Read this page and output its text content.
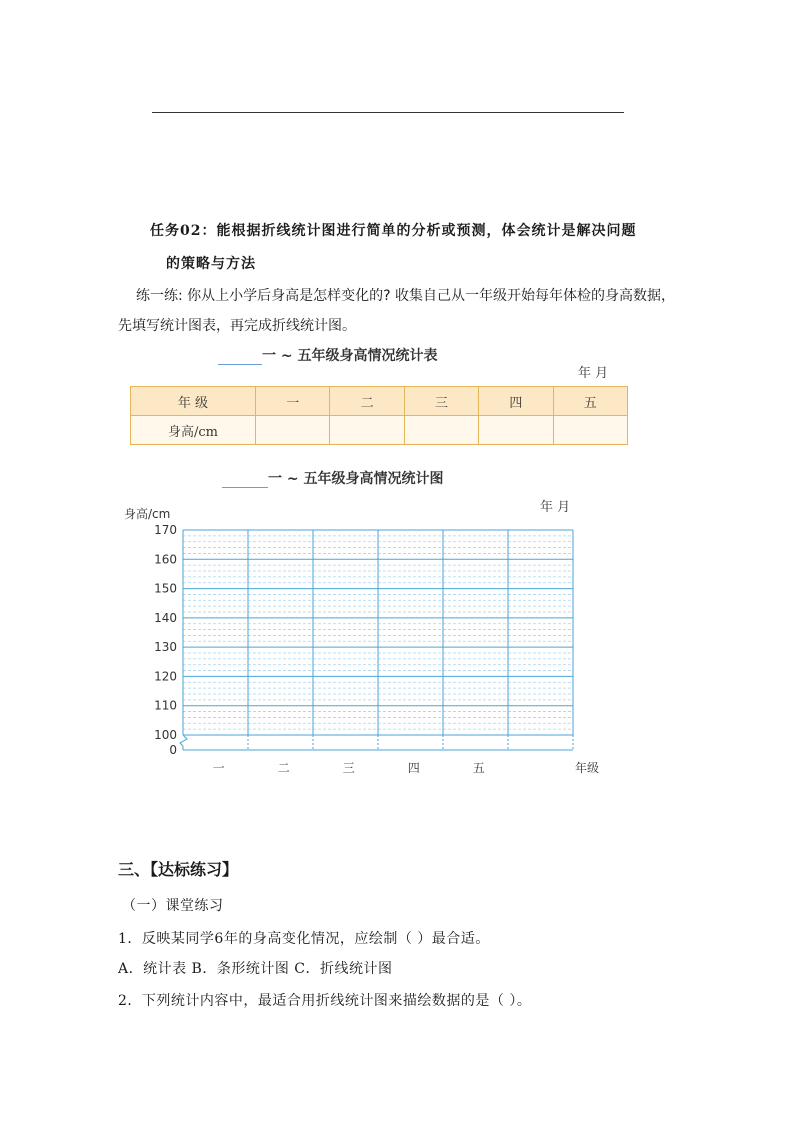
任务02：能根据折线统计图进行简单的分析或预测，体会统计是解决问题
的策略与方法
练一练: 你从上小学后身高是怎样变化的? 收集自己从一年级开始每年体检的身高数据，
先填写统计图表，再完成折线统计图。
一 ~ 五年级身高情况统计表
年 月
年 级	一	二	三	四	五
身高/cm					
一 ~ 五年级身高情况统计图
年 月
0
100
110
120
130
140
150
160
170
身高/cm
一	二	三	四	五	年级
三、【达标练习】
（一）课堂练习
1．反映某同学6年的身高变化情况，应绘制（ ）最合适。
A．统计表 B．条形统计图 C．折线统计图
2．下列统计内容中，最适合用折线统计图来描绘数据的是（ ）。
